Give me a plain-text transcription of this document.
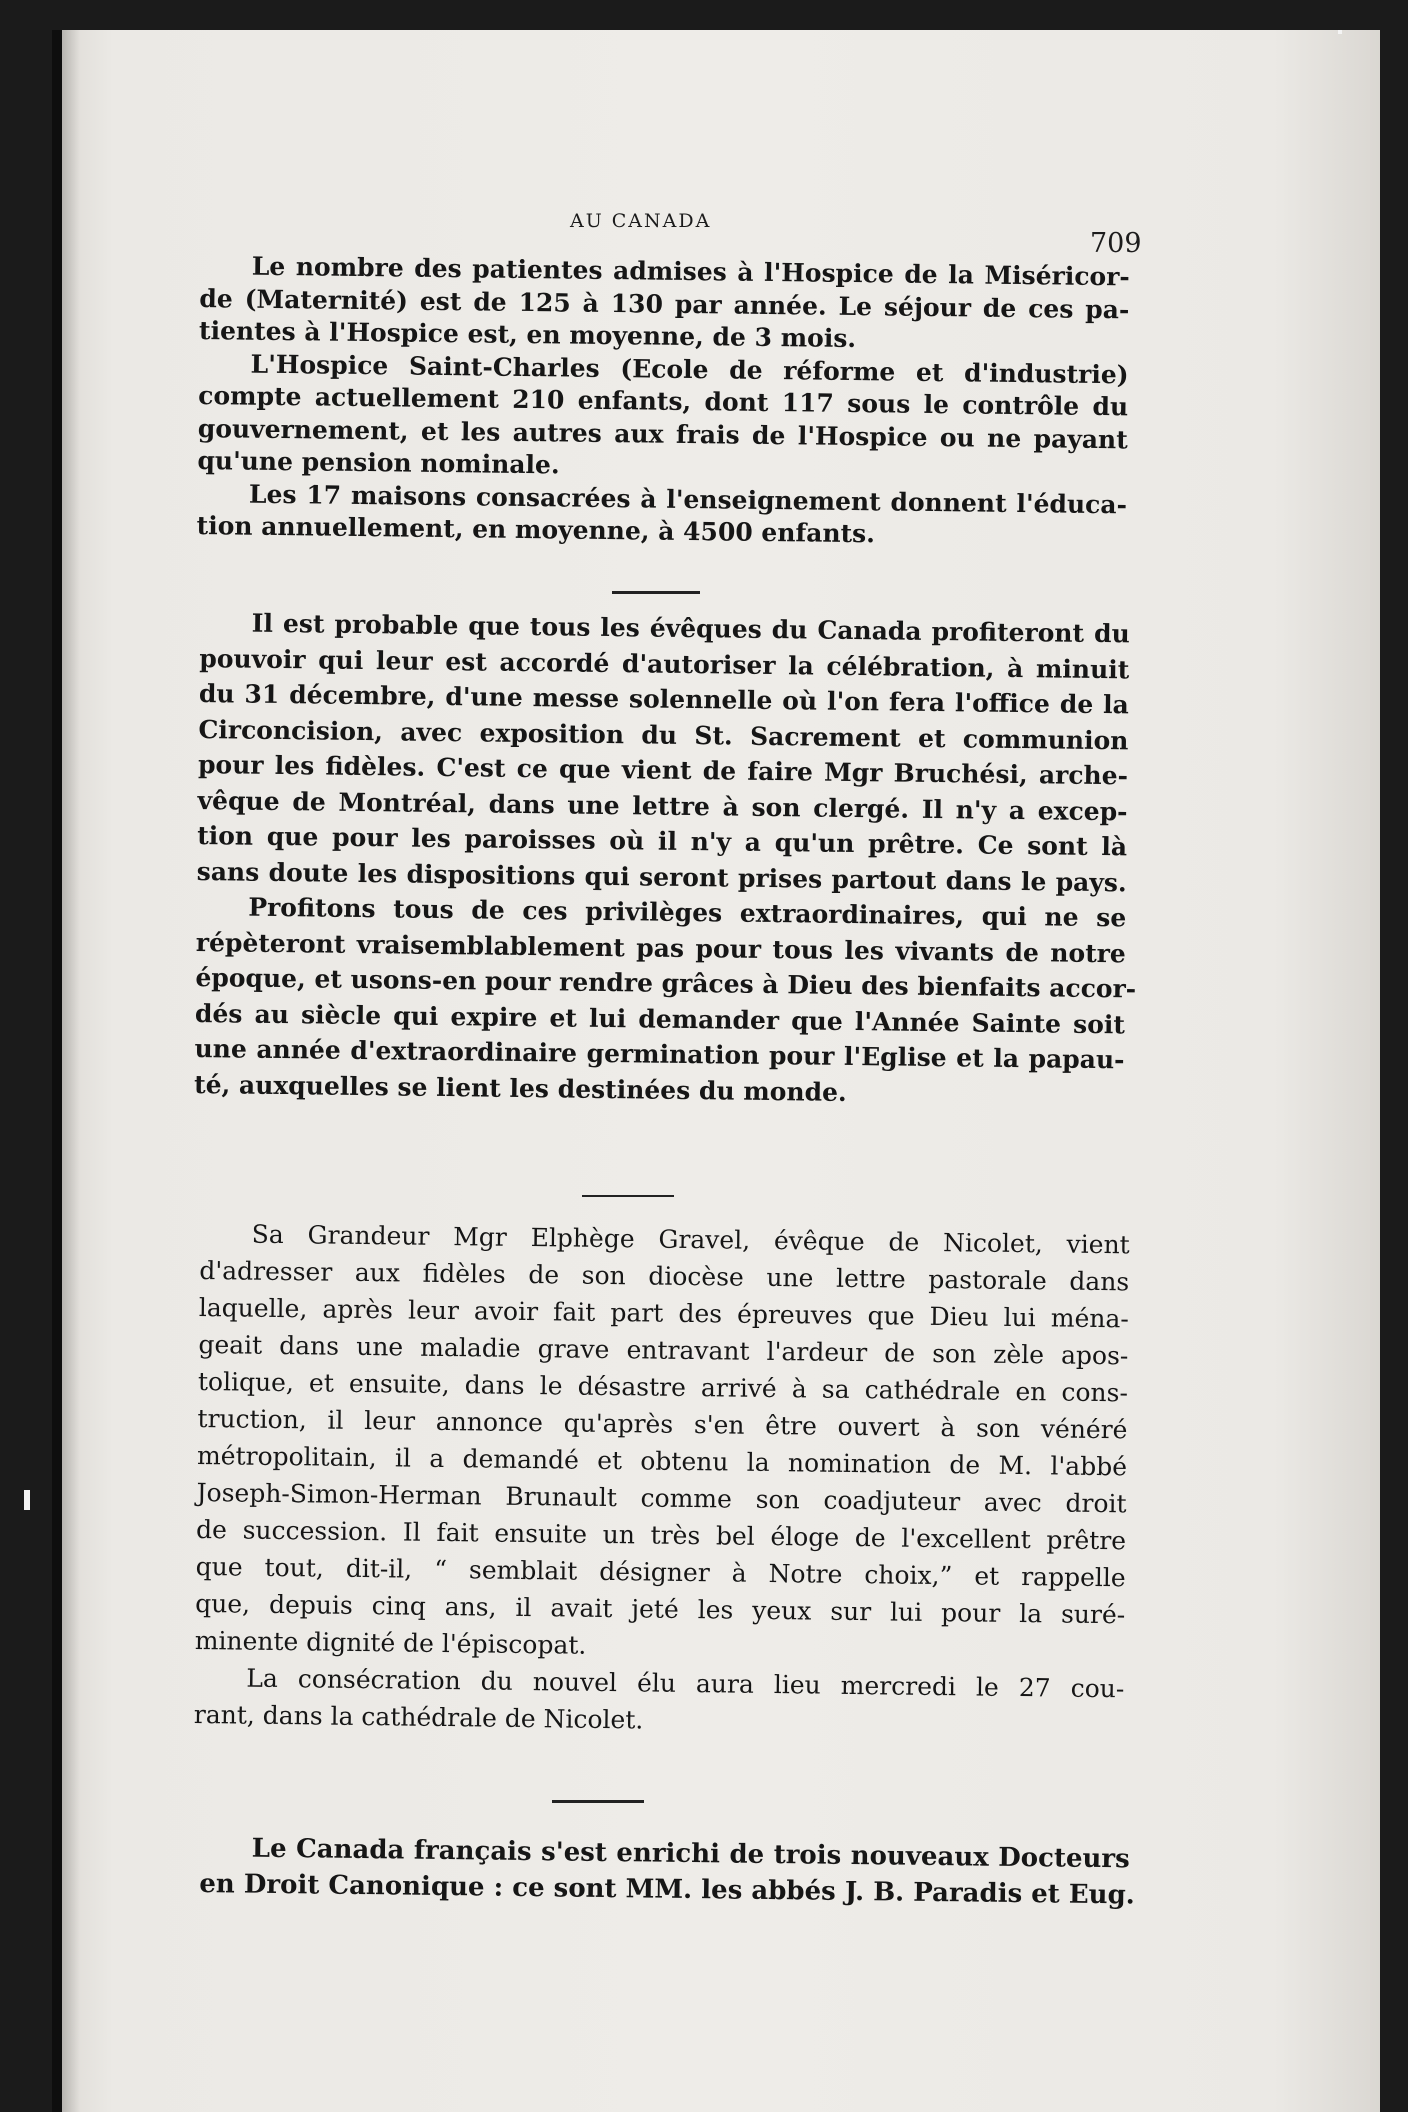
AU CANADA
709
Le nombre des patientes admises à l'Hospice de la Miséricor-
de (Maternité) est de 125 à 130 par année. Le séjour de ces pa-
tientes à l'Hospice est, en moyenne, de 3 mois.
L'Hospice Saint-Charles (Ecole de réforme et d'industrie)
compte actuellement 210 enfants, dont 117 sous le contrôle du
gouvernement, et les autres aux frais de l'Hospice ou ne payant
qu'une pension nominale.
Les 17 maisons consacrées à l'enseignement donnent l'éduca-
tion annuellement, en moyenne, à 4500 enfants.
Il est probable que tous les évêques du Canada profiteront du
pouvoir qui leur est accordé d'autoriser la célébration, à minuit
du 31 décembre, d'une messe solennelle où l'on fera l'office de la
Circoncision, avec exposition du St. Sacrement et communion
pour les fidèles. C'est ce que vient de faire Mgr Bruchési, arche-
vêque de Montréal, dans une lettre à son clergé. Il n'y a excep-
tion que pour les paroisses où il n'y a qu'un prêtre. Ce sont là
sans doute les dispositions qui seront prises partout dans le pays.
Profitons tous de ces privilèges extraordinaires, qui ne se
répèteront vraisemblablement pas pour tous les vivants de notre
époque, et usons-en pour rendre grâces à Dieu des bienfaits accor-
dés au siècle qui expire et lui demander que l'Année Sainte soit
une année d'extraordinaire germination pour l'Eglise et la papau-
té, auxquelles se lient les destinées du monde.
Sa Grandeur Mgr Elphège Gravel, évêque de Nicolet, vient
d'adresser aux fidèles de son diocèse une lettre pastorale dans
laquelle, après leur avoir fait part des épreuves que Dieu lui ména-
geait dans une maladie grave entravant l'ardeur de son zèle apos-
tolique, et ensuite, dans le désastre arrivé à sa cathédrale en cons-
truction, il leur annonce qu'après s'en être ouvert à son vénéré
métropolitain, il a demandé et obtenu la nomination de M. l'abbé
Joseph-Simon-Herman Brunault comme son coadjuteur avec droit
de succession. Il fait ensuite un très bel éloge de l'excellent prêtre
que tout, dit-il, “ semblait désigner à Notre choix,” et rappelle
que, depuis cinq ans, il avait jeté les yeux sur lui pour la suré-
minente dignité de l'épiscopat.
La consécration du nouvel élu aura lieu mercredi le 27 cou-
rant, dans la cathédrale de Nicolet.
Le Canada français s'est enrichi de trois nouveaux Docteurs
en Droit Canonique : ce sont MM. les abbés J. B. Paradis et Eug.
